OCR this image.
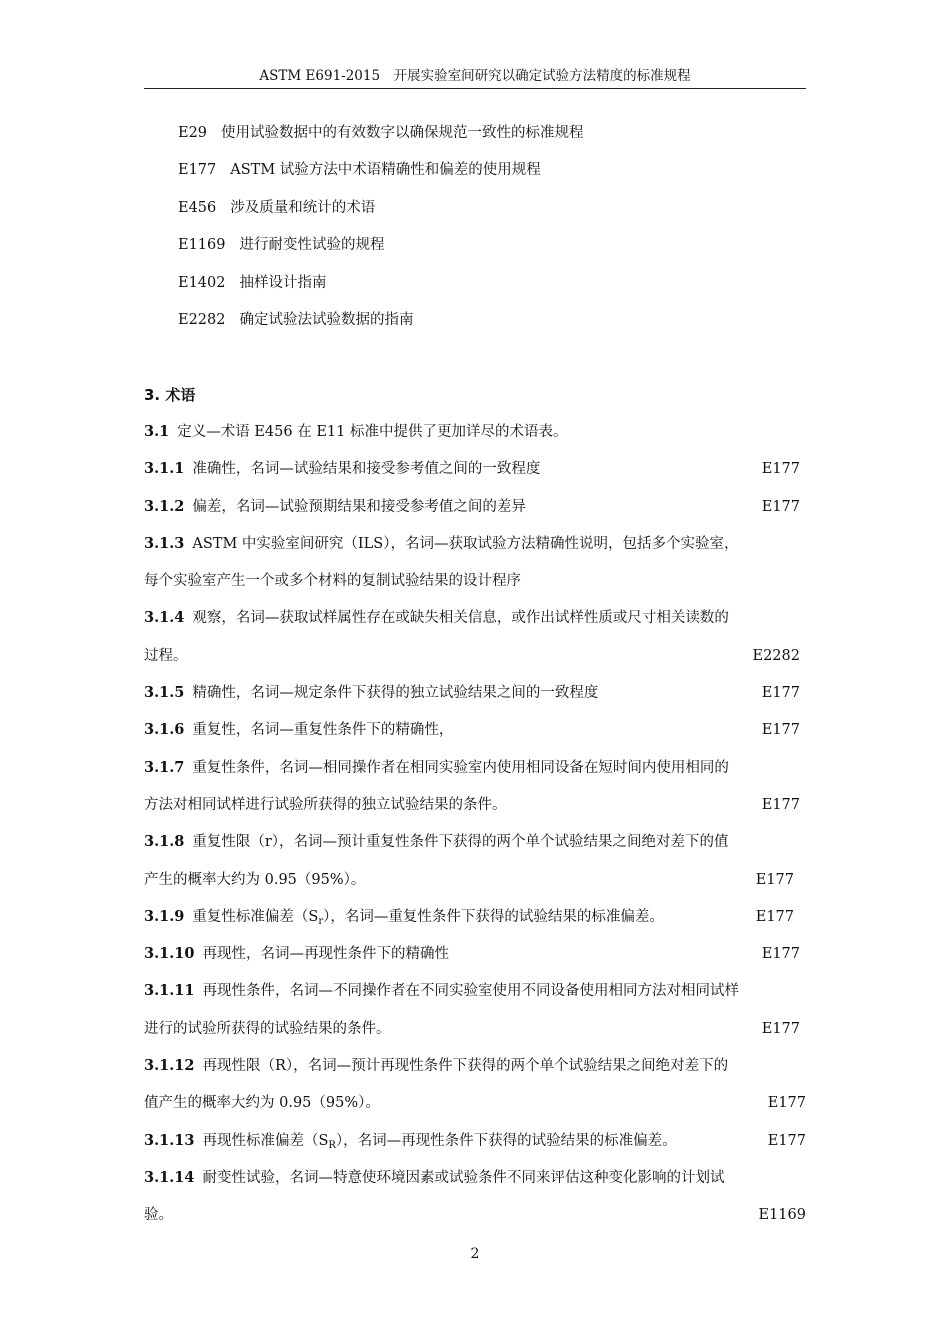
ASTM E691-2015　开展实验室间研究以确定试验方法精度的标准规程
E29 使用试验数据中的有效数字以确保规范一致性的标准规程
E177 ASTM 试验方法中术语精确性和偏差的使用规程
E456 涉及质量和统计的术语
E1169 进行耐变性试验的规程
E1402 抽样设计指南
E2282 确定试验法试验数据的指南
3. 术语
3.1 定义—术语 E456 在 E11 标准中提供了更加详尽的术语表。
3.1.1 准确性，名词—试验结果和接受参考值之间的一致程度	E177
3.1.2 偏差，名词—试验预期结果和接受参考值之间的差异	E177
3.1.3 ASTM 中实验室间研究（ILS），名词—获取试验方法精确性说明，包括多个实验室，
每个实验室产生一个或多个材料的复制试验结果的设计程序
3.1.4 观察，名词—获取试样属性存在或缺失相关信息，或作出试样性质或尺寸相关读数的
过程。	E2282
3.1.5 精确性，名词—规定条件下获得的独立试验结果之间的一致程度	E177
3.1.6 重复性，名词—重复性条件下的精确性，	E177
3.1.7 重复性条件，名词—相同操作者在相同实验室内使用相同设备在短时间内使用相同的
方法对相同试样进行试验所获得的独立试验结果的条件。	E177
3.1.8 重复性限（r），名词—预计重复性条件下获得的两个单个试验结果之间绝对差下的值
产生的概率大约为 0.95（95%）。	E177
3.1.9 重复性标准偏差$(S_r)$，名词—重复性条件下获得的试验结果的标准偏差。	E177
3.1.10 再现性，名词—再现性条件下的精确性	E177
3.1.11 再现性条件，名词—不同操作者在不同实验室使用不同设备使用相同方法对相同试样
进行的试验所获得的试验结果的条件。	E177
3.1.12 再现性限（R），名词—预计再现性条件下获得的两个单个试验结果之间绝对差下的
值产生的概率大约为 0.95（95%）。	E177
3.1.13 再现性标准偏差$(S_R)$，名词—再现性条件下获得的试验结果的标准偏差。	E177
3.1.14 耐变性试验，名词—特意使环境因素或试验条件不同来评估这种变化影响的计划试
验。	E1169
2
